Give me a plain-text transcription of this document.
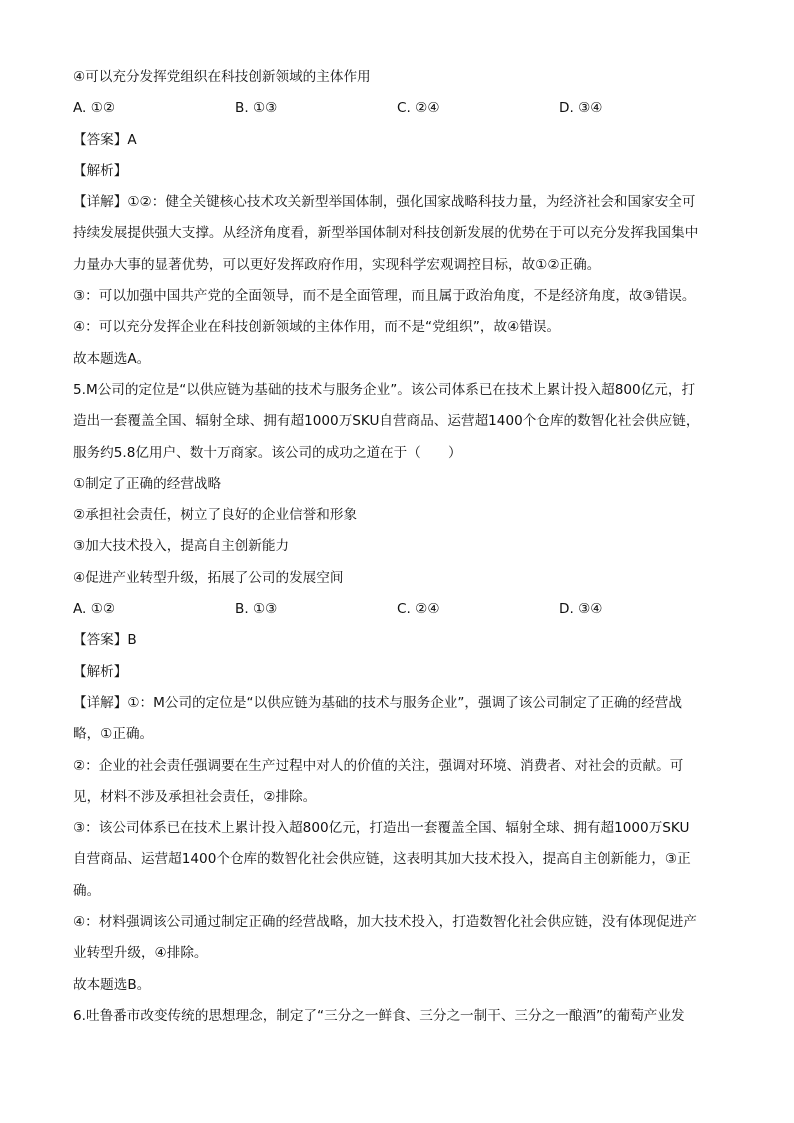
④可以充分发挥党组织在科技创新领域的主体作用
A. ①②	B. ①③	C. ②④	D. ③④
【答案】A
【解析】
【详解】①②：健全关键核心技术攻关新型举国体制，强化国家战略科技力量，为经济社会和国家安全可
持续发展提供强大支撑。从经济角度看，新型举国体制对科技创新发展的优势在于可以充分发挥我国集中
力量办大事的显著优势，可以更好发挥政府作用，实现科学宏观调控目标，故①②正确。
③：可以加强中国共产党的全面领导，而不是全面管理，而且属于政治角度，不是经济角度，故③错误。
④：可以充分发挥企业在科技创新领域的主体作用，而不是“党组织”，故④错误。
故本题选A。
5.M公司的定位是“以供应链为基础的技术与服务企业”。该公司体系已在技术上累计投入超800亿元，打
造出一套覆盖全国、辐射全球、拥有超1000万SKU自营商品、运营超1400个仓库的数智化社会供应链，
服务约5.8亿用户、数十万商家。该公司的成功之道在于（　　）
①制定了正确的经营战略
②承担社会责任，树立了良好的企业信誉和形象
③加大技术投入，提高自主创新能力
④促进产业转型升级，拓展了公司的发展空间
A. ①②	B. ①③	C. ②④	D. ③④
【答案】B
【解析】
【详解】①：M公司的定位是“以供应链为基础的技术与服务企业”，强调了该公司制定了正确的经营战
略，①正确。
②：企业的社会责任强调要在生产过程中对人的价值的关注，强调对环境、消费者、对社会的贡献。可
见，材料不涉及承担社会责任，②排除。
③：该公司体系已在技术上累计投入超800亿元，打造出一套覆盖全国、辐射全球、拥有超1000万SKU
自营商品、运营超1400个仓库的数智化社会供应链，这表明其加大技术投入，提高自主创新能力，③正
确。
④：材料强调该公司通过制定正确的经营战略，加大技术投入，打造数智化社会供应链，没有体现促进产
业转型升级，④排除。
故本题选B。
6.吐鲁番市改变传统的思想理念，制定了“三分之一鲜食、三分之一制干、三分之一酿酒”的葡萄产业发
